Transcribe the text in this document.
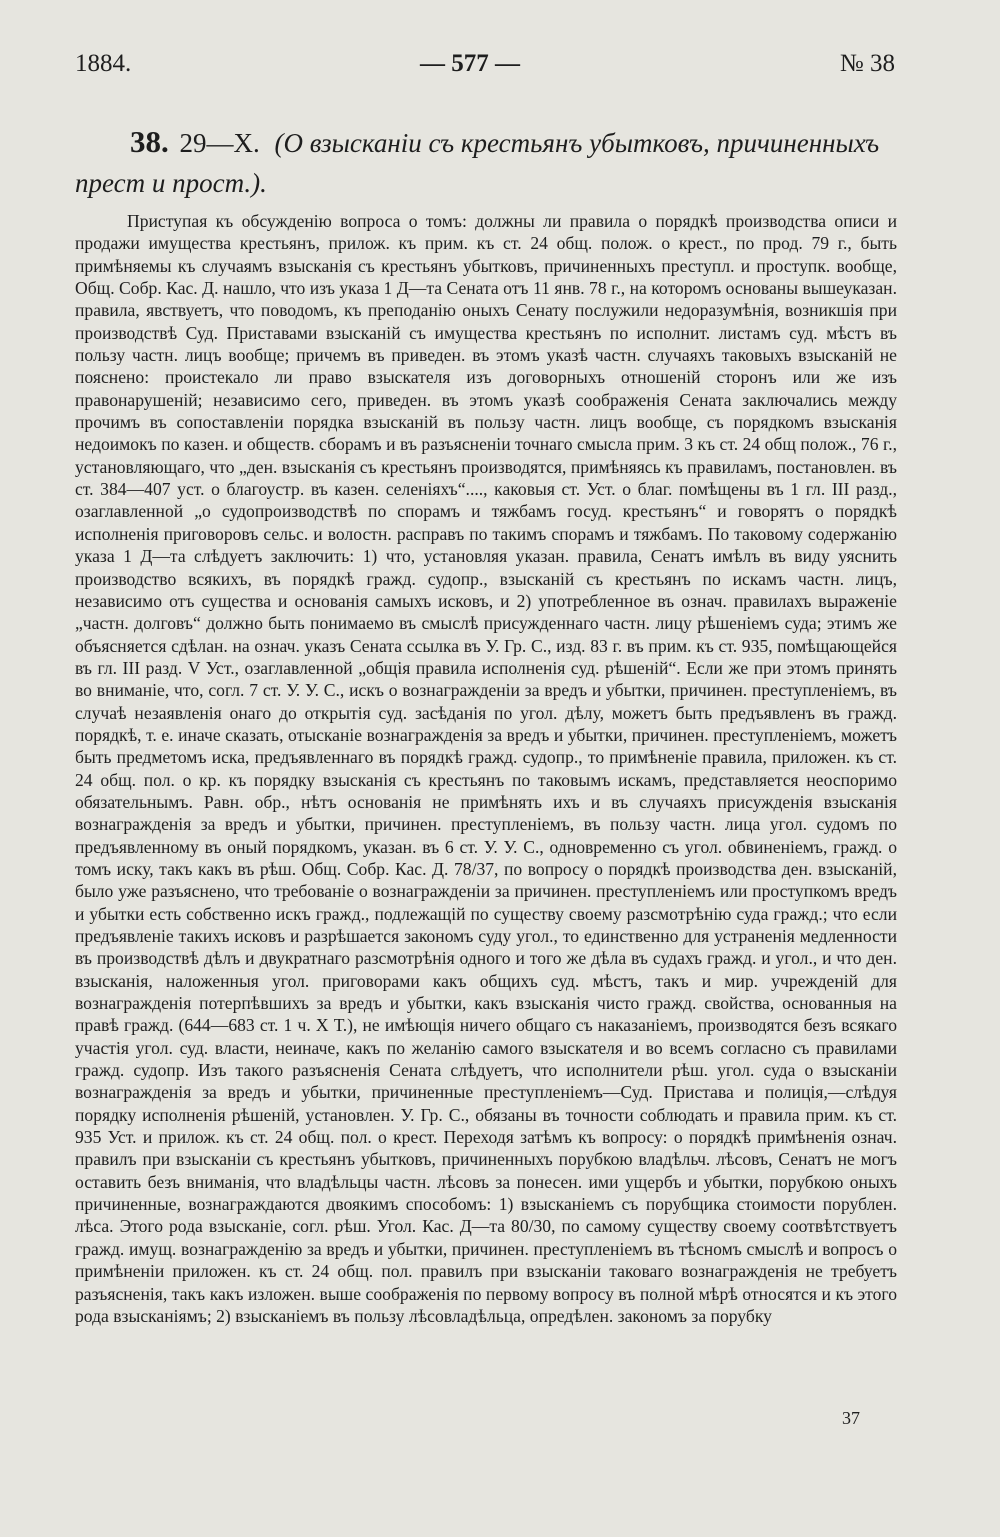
1884.	— 577 —	№ 38
38. 29—X. (О взысканіи съ крестьянъ убытковъ, причиненныхъ прест и прост.).

Приступая къ обсужденію вопроса о томъ: должны ли правила о порядкѣ производства описи и продажи имущества крестьянъ, прилож. къ прим. къ ст. 24 общ. полож. о крест., по прод. 79 г., быть примѣняемы къ случаямъ взысканія съ крестьянъ убытковъ, причиненныхъ преступл. и проступк. вообще, Общ. Собр. Кас. Д. нашло, что изъ указа 1 Д—та Сената отъ 11 янв. 78 г., на которомъ основаны вышеуказан. правила, явствуетъ, что поводомъ, къ преподанію оныхъ Сенату послужили недоразумѣнія, возникшія при производствѣ Суд. Приставами взысканій съ имущества крестьянъ по исполнит. листамъ суд. мѣстъ въ пользу частн. лицъ вообще; причемъ въ приведен. въ этомъ указѣ частн. случаяхъ таковыхъ взысканій не пояснено: проистекало ли право взыскателя изъ договорныхъ отношеній сторонъ или же изъ правонарушеній; независимо сего, приведен. въ этомъ указѣ соображенія Сената заключались между прочимъ въ сопоставленіи порядка взысканій въ пользу частн. лицъ вообще, съ порядкомъ взысканія недоимокъ по казен. и обществ. сборамъ и въ разъясненіи точнаго смысла прим. 3 къ ст. 24 общ полож., 76 г., установляющаго, что „ден. взысканія съ крестьянъ производятся, примѣняясь къ правиламъ, постановлен. въ ст. 384—407 уст. о благоустр. въ казен. селеніяхъ“...., каковыя ст. Уст. о благ. помѣщены въ 1 гл. III разд., озаглавленной „о судопроизводствѣ по спорамъ и тяжбамъ госуд. крестьянъ“ и говорятъ о порядкѣ исполненія приговоровъ сельс. и волостн. расправъ по такимъ спорамъ и тяжбамъ. По таковому содержанію указа 1 Д—та слѣдуетъ заключить: 1) что, установляя указан. правила, Сенатъ имѣлъ въ виду уяснить производство всякихъ, въ порядкѣ гражд. судопр., взысканій съ крестьянъ по искамъ частн. лицъ, независимо отъ существа и основанія самыхъ исковъ, и 2) употребленное въ означ. правилахъ выраженіе „частн. долговъ“ должно быть понимаемо въ смыслѣ присужденнаго частн. лицу рѣшеніемъ суда; этимъ же объясняется сдѣлан. на означ. указъ Сената ссылка въ У. Гр. С., изд. 83 г. въ прим. къ ст. 935, помѣщающейся въ гл. III разд. V Уст., озаглавленной „общія правила исполненія суд. рѣшеній“. Если же при этомъ принять во вниманіе, что, согл. 7 ст. У. У. С., искъ о вознагражденіи за вредъ и убытки, причинен. преступленіемъ, въ случаѣ незаявленія онаго до открытія суд. засѣданія по угол. дѣлу, можетъ быть предъявленъ въ гражд. порядкѣ, т. е. иначе сказать, отысканіе вознагражденія за вредъ и убытки, причинен. преступленіемъ, можетъ быть предметомъ иска, предъявленнаго въ порядкѣ гражд. судопр., то примѣненіе правила, приложен. къ ст. 24 общ. пол. о кр. къ порядку взысканія съ крестьянъ по таковымъ искамъ, представляется неоспоримо обязательнымъ. Равн. обр., нѣтъ основанія не примѣнять ихъ и въ случаяхъ присужденія взысканія вознагражденія за вредъ и убытки, причинен. преступленіемъ, въ пользу частн. лица угол. судомъ по предъявленному въ оный порядкомъ, указан. въ 6 ст. У. У. С., одновременно съ угол. обвиненіемъ, гражд. о томъ иску, такъ какъ въ рѣш. Общ. Собр. Кас. Д. 78/37, по вопросу о порядкѣ производства ден. взысканій, было уже разъяснено, что требованіе о вознагражденіи за причинен. преступленіемъ или проступкомъ вредъ и убытки есть собственно искъ гражд., подлежащій по существу своему разсмотрѣнію суда гражд.; что если предъявленіе такихъ исковъ и разрѣшается закономъ суду угол., то единственно для устраненія медленности въ производствѣ дѣлъ и двукратнаго разсмотрѣнія одного и того же дѣла въ судахъ гражд. и угол., и что ден. взысканія, наложенныя угол. приговорами какъ общихъ суд. мѣстъ, такъ и мир. учрежденій для вознагражденія потерпѣвшихъ за вредъ и убытки, какъ взысканія чисто гражд. свойства, основанныя на правѣ гражд. (644—683 ст. 1 ч. X Т.), не имѣющія ничего общаго съ наказаніемъ, производятся безъ всякаго участія угол. суд. власти, неиначе, какъ по желанію самого взыскателя и во всемъ согласно съ правилами гражд. судопр. Изъ такого разъясненія Сената слѣдуетъ, что исполнители рѣш. угол. суда о взысканіи вознагражденія за вредъ и убытки, причиненные преступленіемъ—Суд. Пристава и полиція,—слѣдуя порядку исполненія рѣшеній, установлен. У. Гр. С., обязаны въ точности соблюдать и правила прим. къ ст. 935 Уст. и прилож. къ ст. 24 общ. пол. о крест. Переходя затѣмъ къ вопросу: о порядкѣ примѣненія означ. правилъ при взысканіи съ крестьянъ убытковъ, причиненныхъ порубкою владѣльч. лѣсовъ, Сенатъ не могъ оставить безъ вниманія, что владѣльцы частн. лѣсовъ за понесен. ими ущербъ и убытки, порубкою оныхъ причиненные, вознаграждаются двоякимъ способомъ: 1) взысканіемъ съ порубщика стоимости порублен. лѣса. Этого рода взысканіе, согл. рѣш. Угол. Кас. Д—та 80/30, по самому существу своему соотвѣтствуетъ гражд. имущ. вознагражденію за вредъ и убытки, причинен. преступленіемъ въ тѣсномъ смыслѣ и вопросъ о примѣненіи приложен. къ ст. 24 общ. пол. правилъ при взысканіи таковаго вознагражденія не требуетъ разъясненія, такъ какъ изложен. выше соображенія по первому вопросу въ полной мѣрѣ относятся и къ этого рода взысканіямъ; 2) взысканіемъ въ пользу лѣсовладѣльца, опредѣлен. закономъ за порубку

37
